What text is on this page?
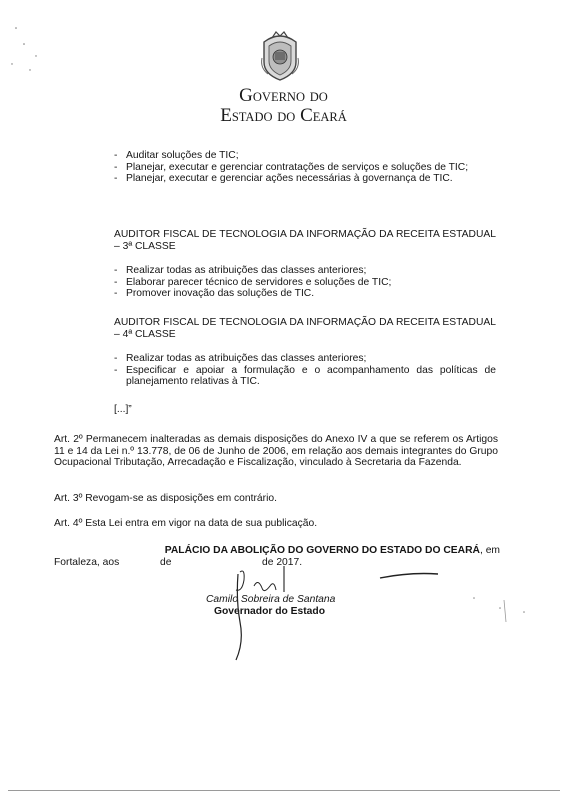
GOVERNO DO
ESTADO DO CEARÁ
- Auditar soluções de TIC;
- Planejar, executar e gerenciar contratações de serviços e soluções de TIC;
- Planejar, executar e gerenciar ações necessárias à governança de TIC.
AUDITOR FISCAL DE TECNOLOGIA DA INFORMAÇÃO DA RECEITA ESTADUAL – 3ª CLASSE
- Realizar todas as atribuições das classes anteriores;
- Elaborar parecer técnico de servidores e soluções de TIC;
- Promover inovação das soluções de TIC.
AUDITOR FISCAL DE TECNOLOGIA DA INFORMAÇÃO DA RECEITA ESTADUAL – 4ª CLASSE
- Realizar todas as atribuições das classes anteriores;
- Especificar e apoiar a formulação e o acompanhamento das políticas de planejamento relativas à TIC.
[...]”
Art. 2º Permanecem inalteradas as demais disposições do Anexo IV a que se referem os Artigos 11 e 14 da Lei n.º 13.778, de 06 de Junho de 2006, em relação aos demais integrantes do Grupo Ocupacional Tributação, Arrecadação e Fiscalização, vinculado à Secretaria da Fazenda.
Art. 3º Revogam-se as disposições em contrário.
Art. 4º Esta Lei entra em vigor na data de sua publicação.
PALÁCIO DA ABOLIÇÃO DO GOVERNO DO ESTADO DO CEARÁ, em
Fortaleza, aos	de	de 2017.
Camilo Sobreira de Santana
Governador do Estado
